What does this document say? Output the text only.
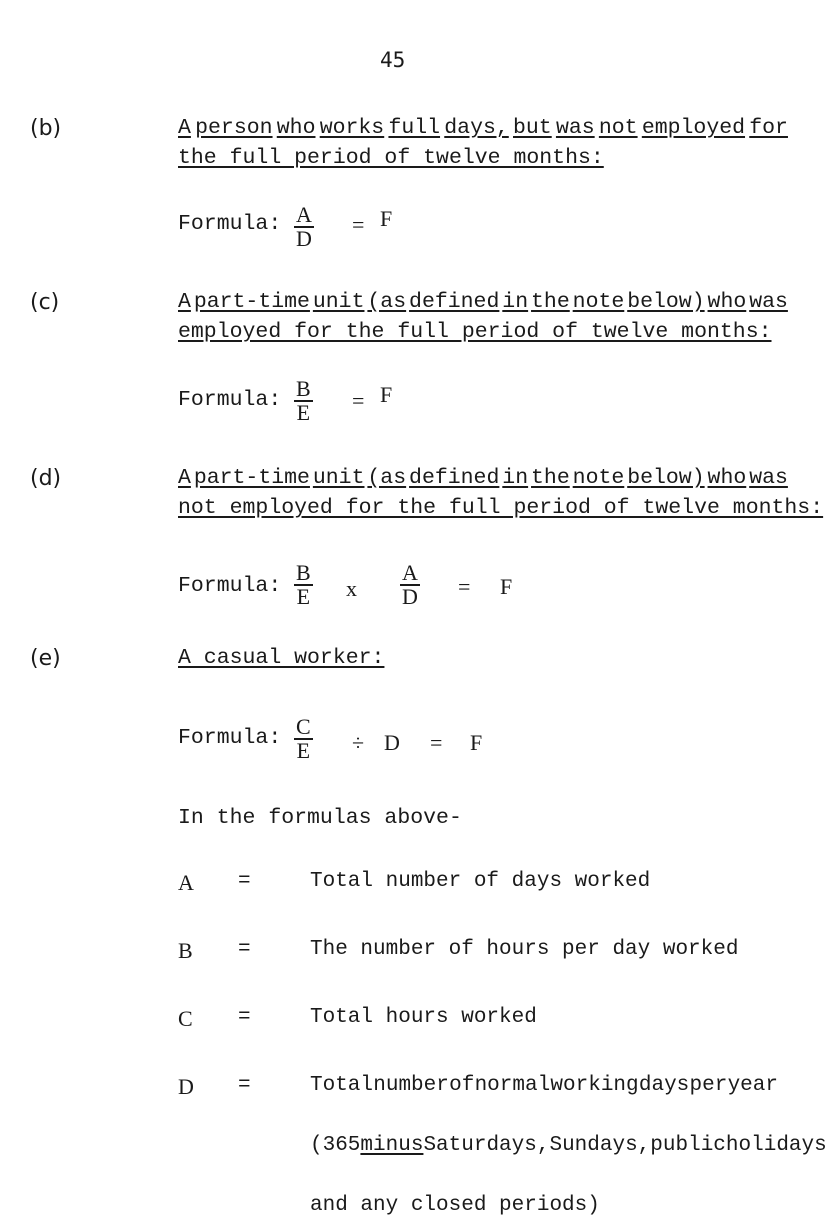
45
(b)	A person who works full days, but was not employed for
the full period of twelve months:
Formula: $\frac{A}{D} = F$
(c)	A part-time unit (as defined in the note below) who was
employed for the full period of twelve months:
Formula: $\frac{B}{E} = F$
(d)	A part-time unit (as defined in the note below) who was
not employed for the full period of twelve months:
Formula: $\frac{B}{E}$ x $\frac{A}{D} = F$
(e)	A casual worker:
Formula: $\frac{C}{E} \div D = F$
In the formulas above-
A =	Total number of days worked
B =	The number of hours per day worked
C =	Total hours worked
D =	Total number of normal working days per year
(365 minus Saturdays, Sundays, public holidays
and any closed periods)
